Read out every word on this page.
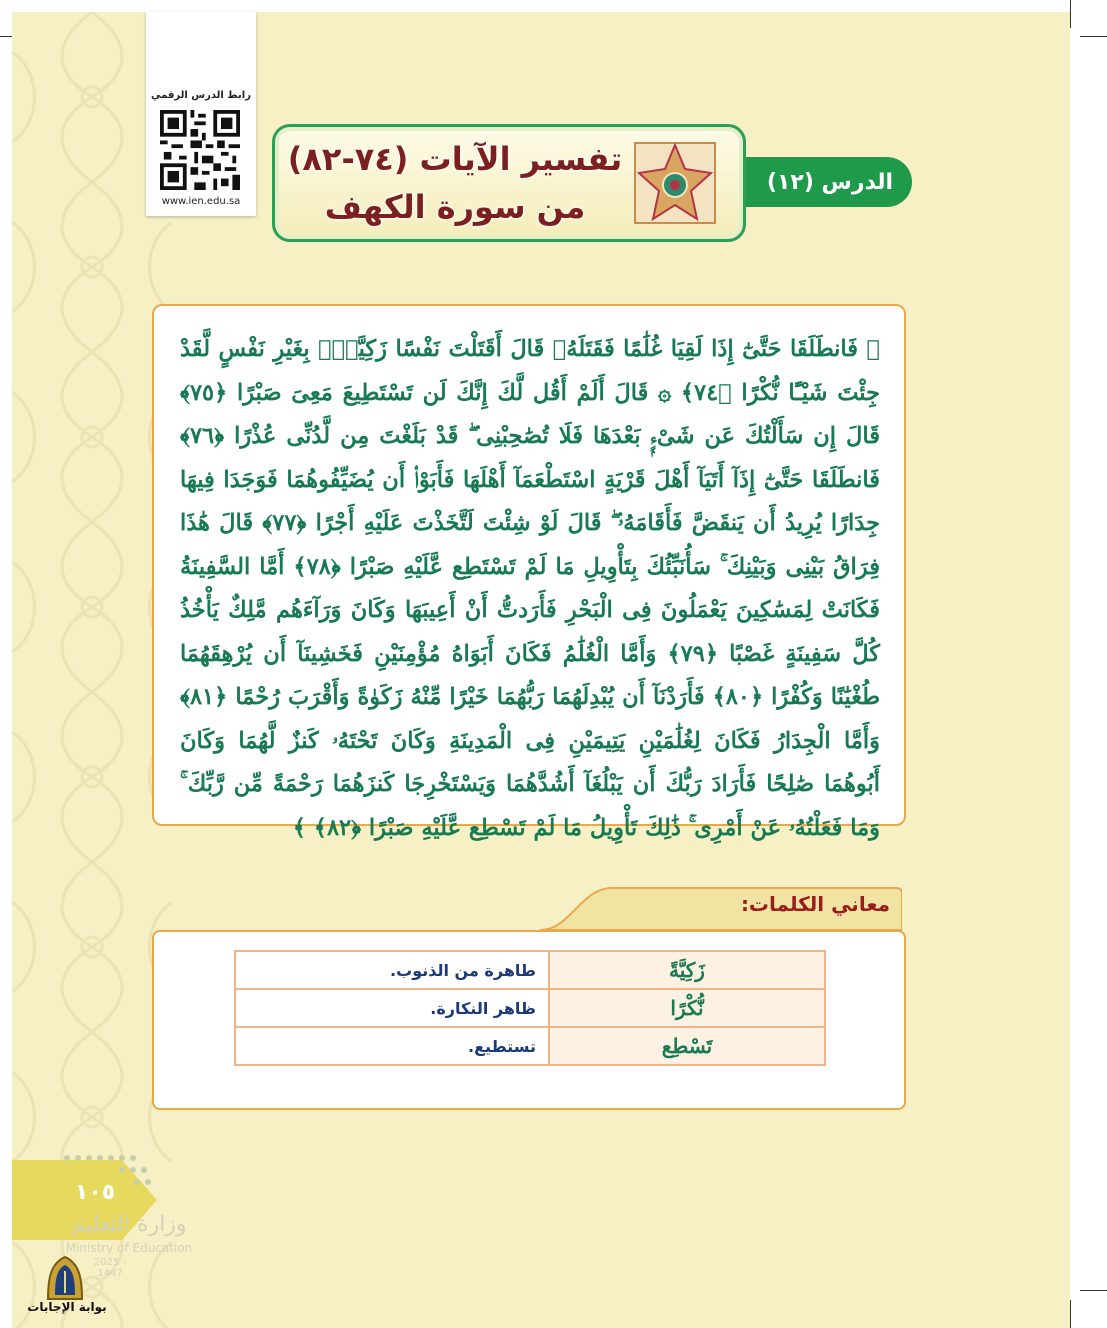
رابط الدرس الرقمي
www.ien.edu.sa
الدرس (١٢)
تفسير الآيات (٧٤-٨٢)
من سورة الكهف
﴿ فَانطَلَقَا حَتَّىٰٓ إِذَا لَقِيَا غُلَٰمًا فَقَتَلَهُۥ قَالَ أَقَتَلْتَ نَفْسًا زَكِيَّةًۢ بِغَيْرِ نَفْسٍ لَّقَدْ جِئْتَ شَيْـًٔا نُّكْرًا ﴿٧٤﴾ ۞ قَالَ أَلَمْ أَقُل لَّكَ إِنَّكَ لَن تَسْتَطِيعَ مَعِىَ صَبْرًا ﴿٧٥﴾ قَالَ إِن سَأَلْتُكَ عَن شَىْءٍۭ بَعْدَهَا فَلَا تُصَٰحِبْنِى ۖ قَدْ بَلَغْتَ مِن لَّدُنِّى عُذْرًا ﴿٧٦﴾ فَانطَلَقَا حَتَّىٰٓ إِذَآ أَتَيَآ أَهْلَ قَرْيَةٍ اسْتَطْعَمَآ أَهْلَهَا فَأَبَوْا۟ أَن يُضَيِّفُوهُمَا فَوَجَدَا فِيهَا جِدَارًا يُرِيدُ أَن يَنقَضَّ فَأَقَامَهُۥ ۖ قَالَ لَوْ شِئْتَ لَتَّخَذْتَ عَلَيْهِ أَجْرًا ﴿٧٧﴾ قَالَ هَٰذَا فِرَاقُ بَيْنِى وَبَيْنِكَ ۚ سَأُنَبِّئُكَ بِتَأْوِيلِ مَا لَمْ تَسْتَطِع عَّلَيْهِ صَبْرًا ﴿٧٨﴾ أَمَّا السَّفِينَةُ فَكَانَتْ لِمَسَٰكِينَ يَعْمَلُونَ فِى الْبَحْرِ فَأَرَدتُّ أَنْ أَعِيبَهَا وَكَانَ وَرَآءَهُم مَّلِكٌ يَأْخُذُ كُلَّ سَفِينَةٍ غَصْبًا ﴿٧٩﴾ وَأَمَّا الْغُلَٰمُ فَكَانَ أَبَوَاهُ مُؤْمِنَيْنِ فَخَشِينَآ أَن يُرْهِقَهُمَا طُغْيَٰنًا وَكُفْرًا ﴿٨٠﴾ فَأَرَدْنَآ أَن يُبْدِلَهُمَا رَبُّهُمَا خَيْرًا مِّنْهُ زَكَوٰةً وَأَقْرَبَ رُحْمًا ﴿٨١﴾ وَأَمَّا الْجِدَارُ فَكَانَ لِغُلَٰمَيْنِ يَتِيمَيْنِ فِى الْمَدِينَةِ وَكَانَ تَحْتَهُۥ كَنزٌ لَّهُمَا وَكَانَ أَبُوهُمَا صَٰلِحًا فَأَرَادَ رَبُّكَ أَن يَبْلُغَآ أَشُدَّهُمَا وَيَسْتَخْرِجَا كَنزَهُمَا رَحْمَةً مِّن رَّبِّكَ ۚ وَمَا فَعَلْتُهُۥ عَنْ أَمْرِى ۚ ذَٰلِكَ تَأْوِيلُ مَا لَمْ تَسْطِع عَّلَيْهِ صَبْرًا ﴿٨٢﴾ ﴾
معاني الكلمات:
زَكِيَّةً	طاهرة من الذنوب.
نُّكْرًا	ظاهر النكارة.
تَسْطِع	تستطيع.
١٠٥
وزارة التعليم
Ministry of Education
2025 - 1447
بوابة الإجابات
